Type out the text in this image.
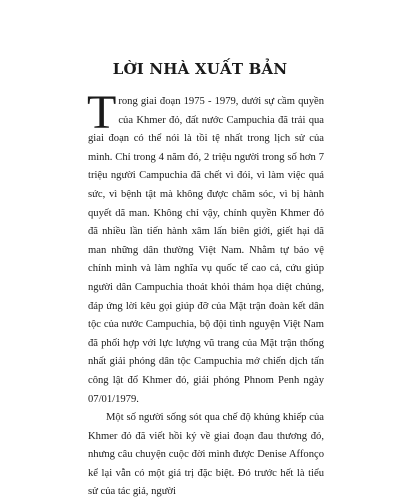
LỜI NHÀ XUẤT BẢN

Trong giai đoạn 1975 - 1979, dưới sự cầm quyền của Khmer đỏ, đất nước Campuchia đã trải qua giai đoạn có thể nói là tồi tệ nhất trong lịch sử của mình. Chỉ trong 4 năm đó, 2 triệu người trong số hơn 7 triệu người Campuchia đã chết vì đói, vì làm việc quá sức, vì bệnh tật mà không được chăm sóc, vì bị hành quyết dã man. Không chỉ vậy, chính quyền Khmer đỏ đã nhiều lần tiến hành xâm lấn biên giới, giết hại dã man những dân thường Việt Nam. Nhằm tự bảo vệ chính mình và làm nghĩa vụ quốc tế cao cả, cứu giúp người dân Campuchia thoát khỏi thảm họa diệt chủng, đáp ứng lời kêu gọi giúp đỡ của Mặt trận đoàn kết dân tộc của nước Campuchia, bộ đội tình nguyện Việt Nam đã phối hợp với lực lượng vũ trang của Mặt trận thống nhất giải phóng dân tộc Campuchia mở chiến dịch tấn công lật đổ Khmer đỏ, giải phóng Phnom Penh ngày 07/01/1979.

Một số người sống sót qua chế độ khủng khiếp của Khmer đỏ đã viết hồi ký về giai đoạn đau thương đó, nhưng câu chuyện cuộc đời mình được Denise Affonço kể lại vẫn có một giá trị đặc biệt. Đó trước hết là tiểu sử của tác giả, người
